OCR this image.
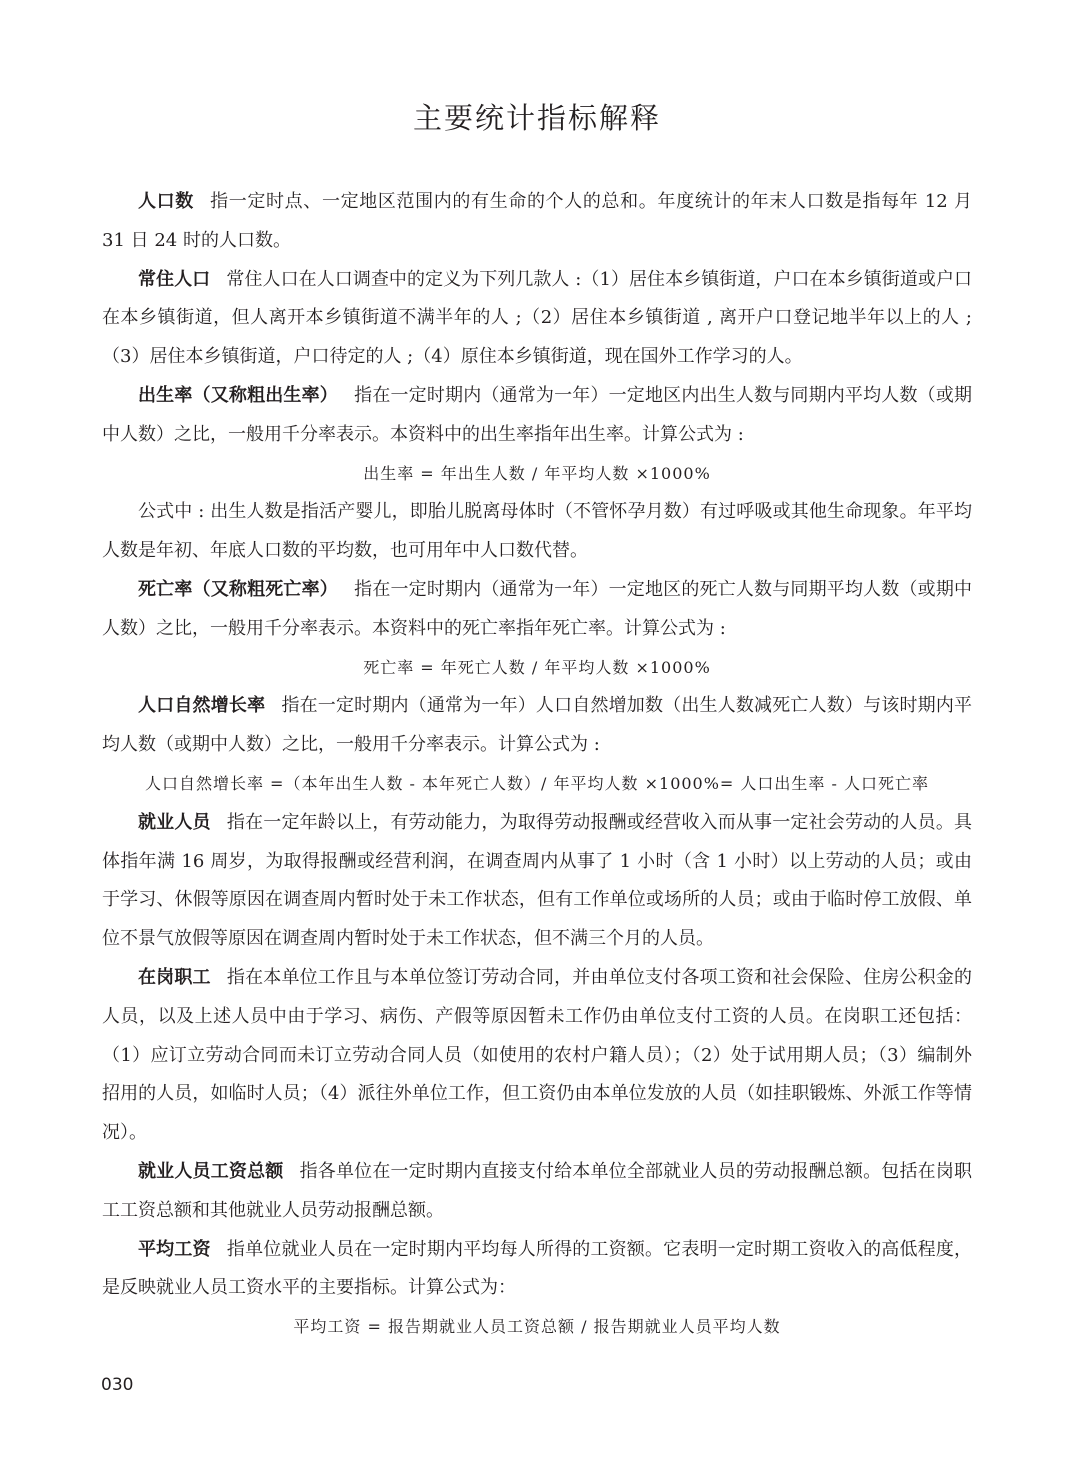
主要统计指标解释

人口数 指一定时点、一定地区范围内的有生命的个人的总和。年度统计的年末人口数是指每年 12 月 31 日 24 时的人口数。

常住人口 常住人口在人口调查中的定义为下列几款人 :（1）居住本乡镇街道，户口在本乡镇街道或户口在本乡镇街道，但人离开本乡镇街道不满半年的人 ;（2）居住本乡镇街道 , 离开户口登记地半年以上的人 ;（3）居住本乡镇街道，户口待定的人 ;（4）原住本乡镇街道，现在国外工作学习的人。

出生率（又称粗出生率） 指在一定时期内（通常为一年）一定地区内出生人数与同期内平均人数（或期中人数）之比，一般用千分率表示。本资料中的出生率指年出生率。计算公式为 :

出生率 = 年出生人数 / 年平均人数 ×1000%

公式中 : 出生人数是指活产婴儿，即胎儿脱离母体时（不管怀孕月数）有过呼吸或其他生命现象。年平均人数是年初、年底人口数的平均数，也可用年中人口数代替。

死亡率（又称粗死亡率） 指在一定时期内（通常为一年）一定地区的死亡人数与同期平均人数（或期中人数）之比，一般用千分率表示。本资料中的死亡率指年死亡率。计算公式为 :

死亡率 = 年死亡人数 / 年平均人数 ×1000%

人口自然增长率 指在一定时期内（通常为一年）人口自然增加数（出生人数减死亡人数）与该时期内平均人数（或期中人数）之比，一般用千分率表示。计算公式为 :

人口自然增长率 =（本年出生人数 - 本年死亡人数）/ 年平均人数 ×1000%= 人口出生率 - 人口死亡率

就业人员 指在一定年龄以上，有劳动能力，为取得劳动报酬或经营收入而从事一定社会劳动的人员。具体指年满 16 周岁，为取得报酬或经营利润，在调查周内从事了 1 小时（含 1 小时）以上劳动的人员；或由于学习、休假等原因在调查周内暂时处于未工作状态，但有工作单位或场所的人员；或由于临时停工放假、单位不景气放假等原因在调查周内暂时处于未工作状态，但不满三个月的人员。

在岗职工 指在本单位工作且与本单位签订劳动合同，并由单位支付各项工资和社会保险、住房公积金的人员，以及上述人员中由于学习、病伤、产假等原因暂未工作仍由单位支付工资的人员。在岗职工还包括：（1）应订立劳动合同而未订立劳动合同人员（如使用的农村户籍人员）；（2）处于试用期人员；（3）编制外招用的人员，如临时人员；（4）派往外单位工作，但工资仍由本单位发放的人员（如挂职锻炼、外派工作等情况）。

就业人员工资总额 指各单位在一定时期内直接支付给本单位全部就业人员的劳动报酬总额。包括在岗职工工资总额和其他就业人员劳动报酬总额。

平均工资 指单位就业人员在一定时期内平均每人所得的工资额。它表明一定时期工资收入的高低程度，是反映就业人员工资水平的主要指标。计算公式为：

平均工资 = 报告期就业人员工资总额 / 报告期就业人员平均人数

030
